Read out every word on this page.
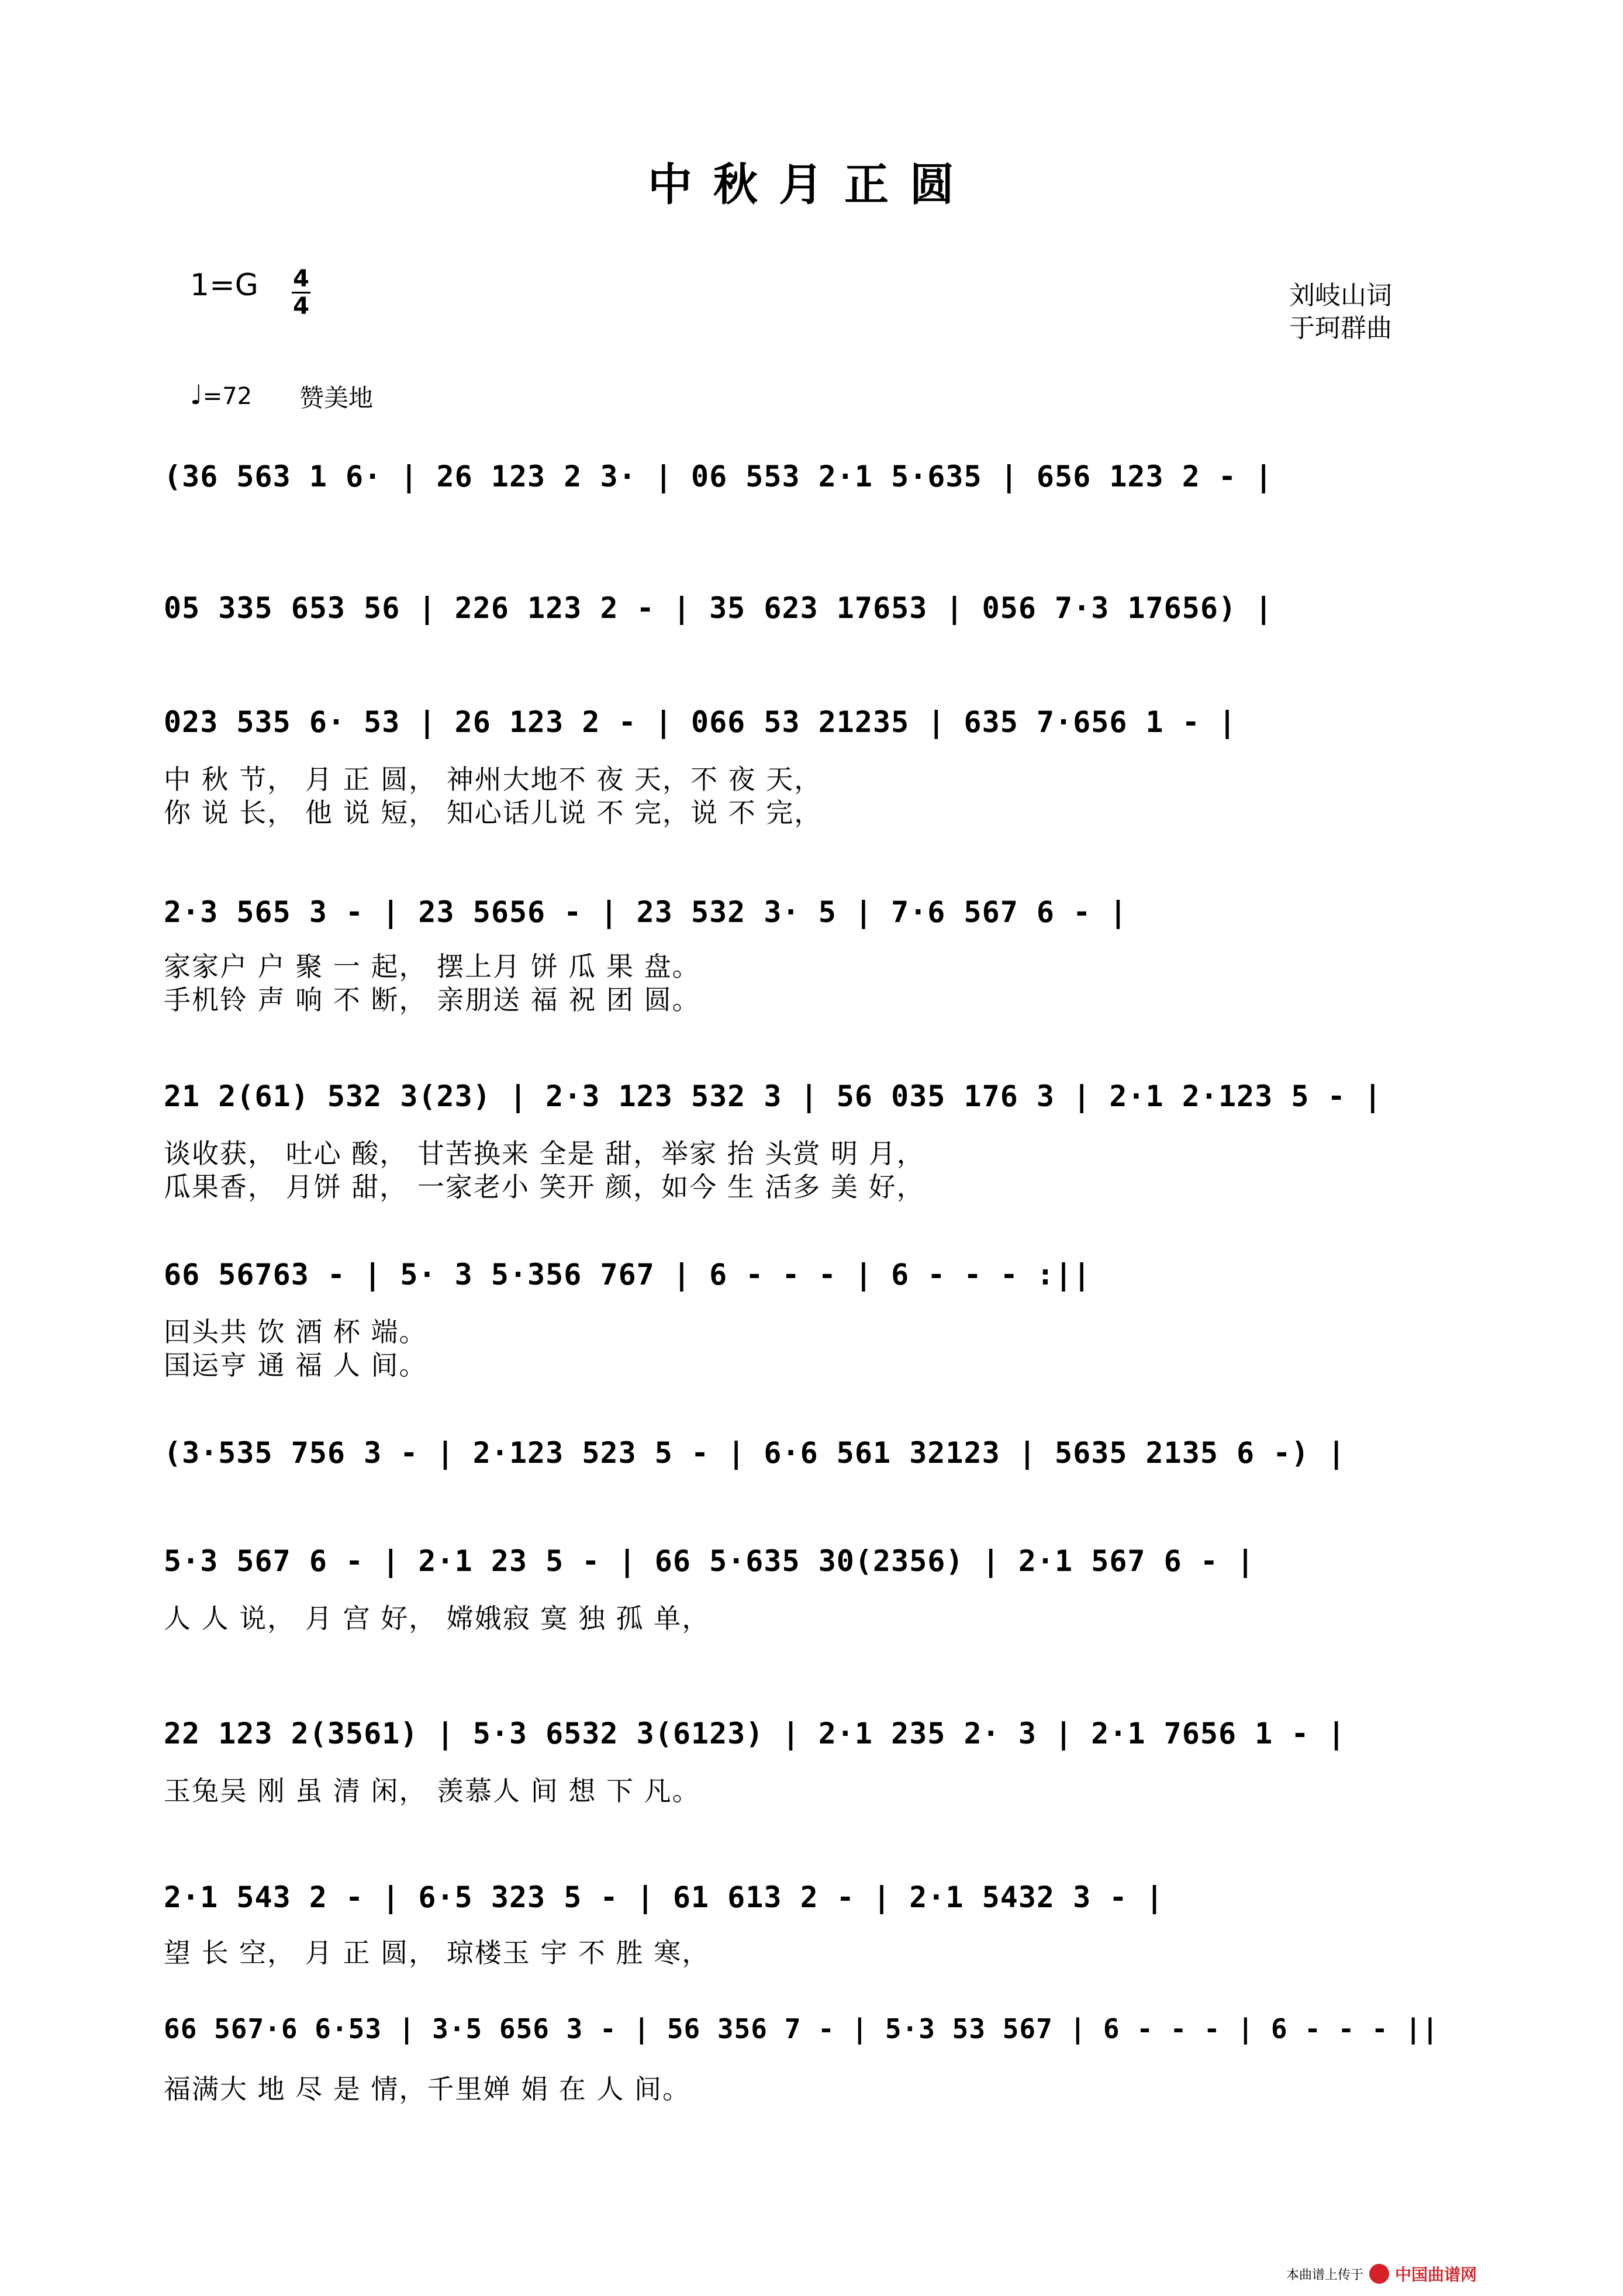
中秋月正圆
1=G 4
4	刘岐山词
于珂群曲
♩=72 赞美地
(36 563 1 6· | 26 123 2 3· | 06 553 2·1 5·635 | 656 123 2 - |
05 335 653 56 | 226 123 2 - | 35 623 17653 | 056 7·3 17656) |
023 535 6· 53 | 26 123 2 - | 066 53 21235 | 635 7·656 1 - |
中 秋 节， 月 正 圆， 神州大地不 夜 天，不 夜 天，
你 说 长， 他 说 短， 知心话儿说 不 完，说 不 完，
2·3 565 3 - | 23 5656 - | 23 532 3· 5 | 7·6 567 6 - |
家家户 户 聚 一 起， 摆上月 饼 瓜 果 盘。
手机铃 声 响 不 断， 亲朋送 福 祝 团 圆。
21 2(61) 532 3(23) | 2·3 123 532 3 | 56 035 176 3 | 2·1 2·123 5 - |
谈收获， 吐心 酸， 甘苦换来 全是 甜，举家 抬 头赏 明 月，
瓜果香， 月饼 甜， 一家老小 笑开 颜，如今 生 活多 美 好，
66 56763 - | 5· 3 5·356 767 | 6 - - - | 6 - - - :||
回头共 饮 酒 杯 端。
国运亨 通 福 人 间。
(3·535 756 3 - | 2·123 523 5 - | 6·6 561 32123 | 5635 2135 6 -) |
5·3 567 6 - | 2·1 23 5 - | 66 5·635 30(2356) | 2·1 567 6 - |
人 人 说， 月 宫 好， 嫦娥寂 寞 独 孤 单，
22 123 2(3561) | 5·3 6532 3(6123) | 2·1 235 2· 3 | 2·1 7656 1 - |
玉兔吴 刚 虽 清 闲， 羡慕人 间 想 下 凡。
2·1 543 2 - | 6·5 323 5 - | 61 613 2 - | 2·1 5432 3 - |
望 长 空， 月 正 圆， 琼楼玉 宇 不 胜 寒，
66 567·6 6·53 | 3·5 656 3 - | 56 356 7 - | 5·3 53 567 | 6 - - - | 6 - - - ||
福满大 地 尽 是 情，千里婵 娟 在 人 间。
本曲谱上传于 中国曲谱网
